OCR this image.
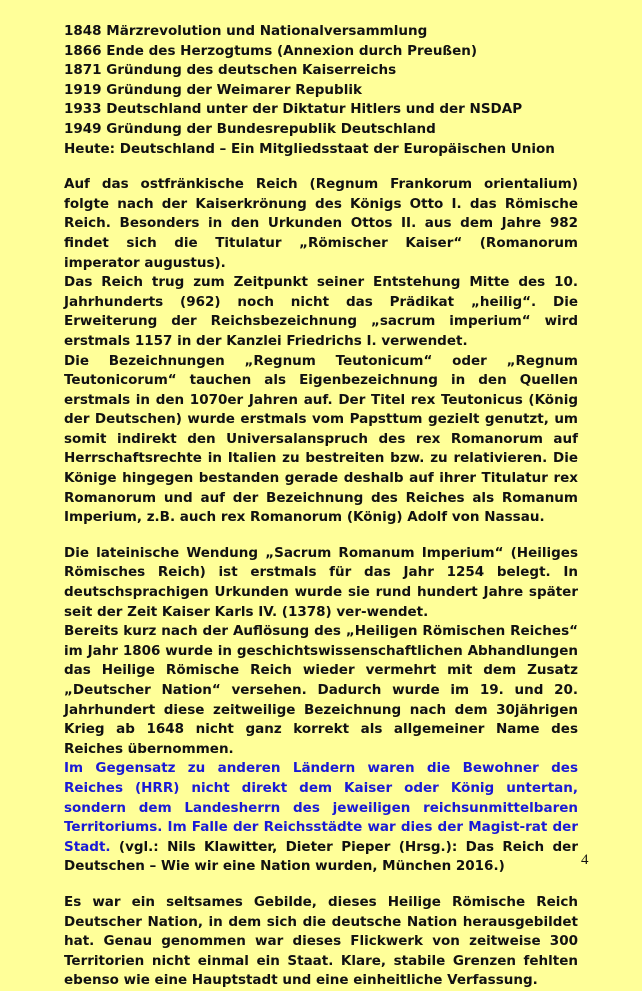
1848 Märzrevolution und Nationalversammlung
1866 Ende des Herzogtums (Annexion durch Preußen)
1871 Gründung des deutschen Kaiserreichs
1919 Gründung der Weimarer Republik
1933 Deutschland unter der Diktatur Hitlers und der NSDAP
1949 Gründung der Bundesrepublik Deutschland
Heute: Deutschland – Ein Mitgliedsstaat der Europäischen Union

Auf das ostfränkische Reich (Regnum Frankorum orientalium) folgte nach der Kaiserkrönung des Königs Otto I. das Römische Reich. Besonders in den Urkunden Ottos II. aus dem Jahre 982 findet sich die Titulatur „Römischer Kaiser“ (Romanorum imperator augustus).

Das Reich trug zum Zeitpunkt seiner Entstehung Mitte des 10. Jahrhunderts (962) noch nicht das Prädikat „heilig“. Die Erweiterung der Reichsbezeichnung „sacrum imperium“ wird erstmals 1157 in der Kanzlei Friedrichs I. verwendet.

Die Bezeichnungen „Regnum Teutonicum“ oder „Regnum Teutonicorum“ tauchen als Eigenbezeichnung in den Quellen erstmals in den 1070er Jahren auf. Der Titel rex Teutonicus (König der Deutschen) wurde erstmals vom Papsttum gezielt genutzt, um somit indirekt den Universalanspruch des rex Romanorum auf Herrschaftsrechte in Italien zu bestreiten bzw. zu relativieren. Die Könige hingegen bestanden gerade deshalb auf ihrer Titulatur rex Romanorum und auf der Bezeichnung des Reiches als Romanum Imperium, z.B. auch rex Romanorum (König) Adolf von Nassau.

Die lateinische Wendung „Sacrum Romanum Imperium“ (Heiliges Römisches Reich) ist erstmals für das Jahr 1254 belegt. In deutschsprachigen Urkunden wurde sie rund hundert Jahre später seit der Zeit Kaiser Karls IV. (1378) ver-wendet.

Bereits kurz nach der Auflösung des „Heiligen Römischen Reiches“ im Jahr 1806 wurde in geschichtswissenschaftlichen Abhandlungen das Heilige Römische Reich wieder vermehrt mit dem Zusatz „Deutscher Nation“ versehen. Dadurch wurde im 19. und 20. Jahrhundert diese zeitweilige Bezeichnung nach dem 30jährigen Krieg ab 1648 nicht ganz korrekt als allgemeiner Name des Reiches übernommen.

Im Gegensatz zu anderen Ländern waren die Bewohner des Reiches (HRR) nicht direkt dem Kaiser oder König untertan, sondern dem Landesherrn des jeweiligen reichsunmittelbaren Territoriums. Im Falle der Reichsstädte war dies der Magist-rat der Stadt. (vgl.: Nils Klawitter, Dieter Pieper (Hrsg.): Das Reich der Deutschen – Wie wir eine Nation wurden, München 2016.)

Es war ein seltsames Gebilde, dieses Heilige Römische Reich Deutscher Nation, in dem sich die deutsche Nation herausgebildet hat. Genau genommen war dieses Flickwerk von zeitweise 300 Territorien nicht einmal ein Staat. Klare, stabile Grenzen fehlten ebenso wie eine Hauptstadt und eine einheitliche Verfassung.

4
